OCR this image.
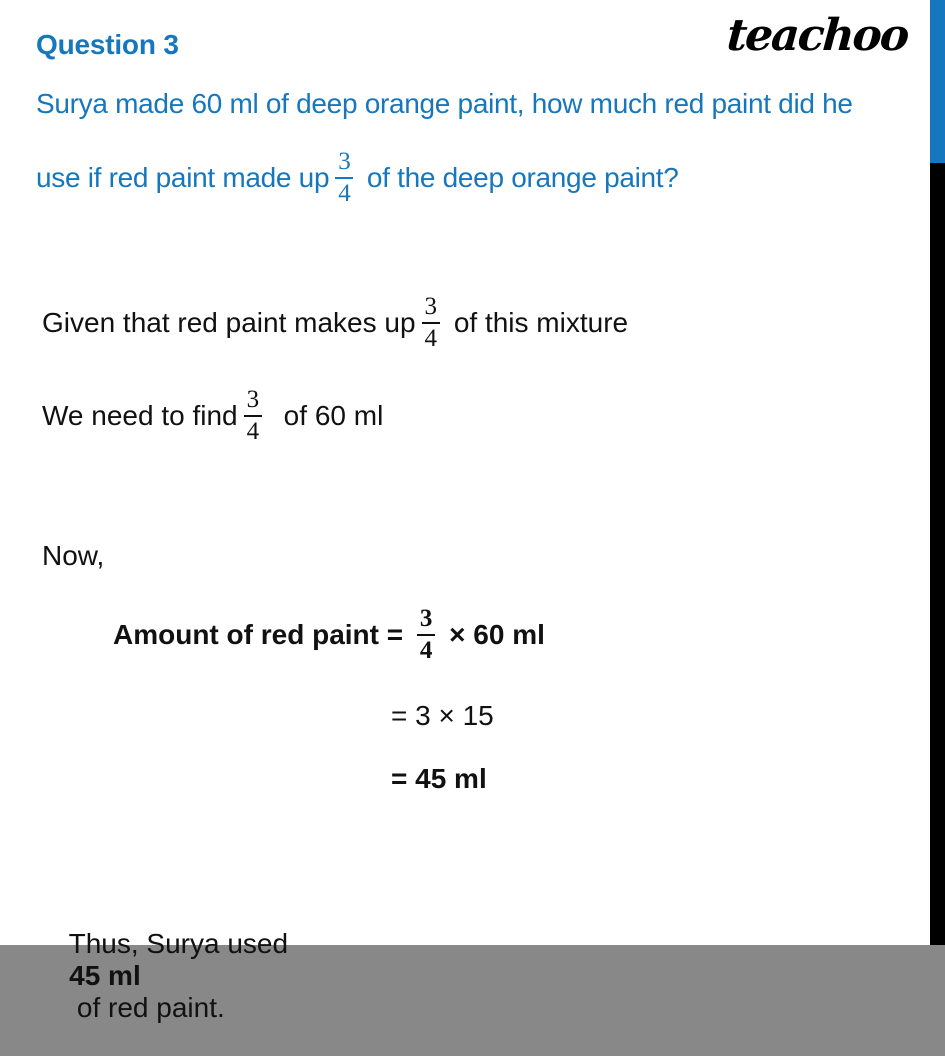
Question 3	teachoo
Surya made 60 ml of deep orange paint, how much red paint did he
use if red paint made up $\frac{3}{4}$ of the deep orange paint?
Given that red paint makes up $\frac{3}{4}$ of this mixture
We need to find $\frac{3}{4}$ of 60 ml
Now,
Amount of red paint = $\frac{3}{4} \times 60$ ml
= 3 × 15
= 45 ml

Thus, Surya used
45 ml
of red paint.
